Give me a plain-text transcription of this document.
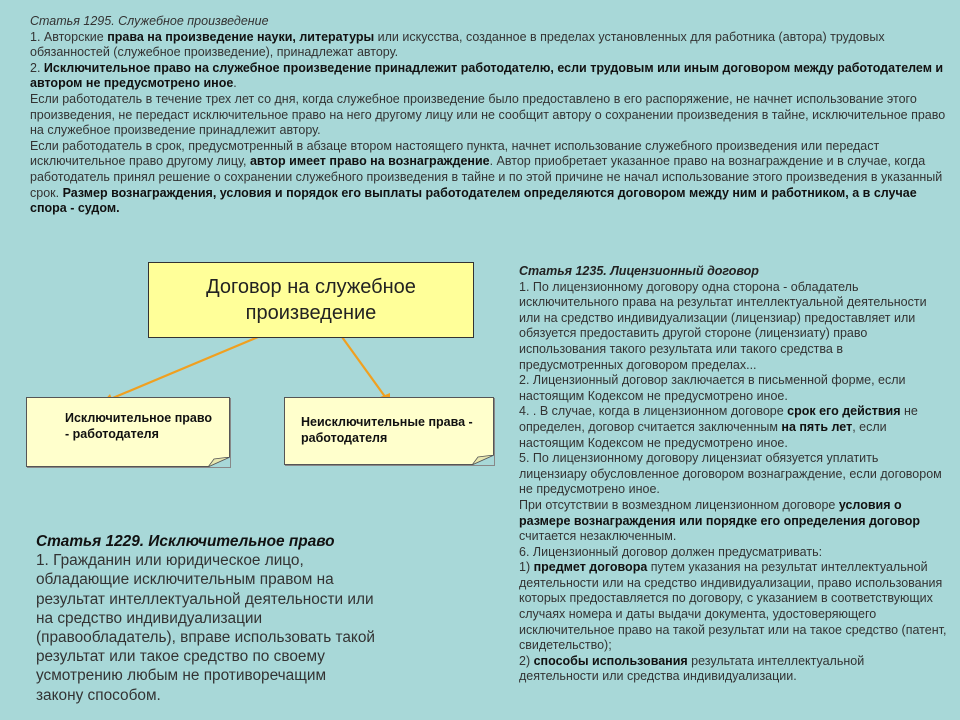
Статья 1295. Служебное произведение

1. Авторские права на произведение науки, литературы или искусства, созданное в пределах установленных для работника (автора) трудовых обязанностей (служебное произведение), принадлежат автору.

2. Исключительное право на служебное произведение принадлежит работодателю, если трудовым или иным договором между работодателем и автором не предусмотрено иное.

Если работодатель в течение трех лет со дня, когда служебное произведение было предоставлено в его распоряжение, не начнет использование этого произведения, не передаст исключительное право на него другому лицу или не сообщит автору о сохранении произведения в тайне, исключительное право на служебное произведение принадлежит автору.

Если работодатель в срок, предусмотренный в абзаце втором настоящего пункта, начнет использование служебного произведения или передаст исключительное право другому лицу, автор имеет право на вознаграждение. Автор приобретает указанное право на вознаграждение и в случае, когда работодатель принял решение о сохранении служебного произведения в тайне и по этой причине не начал использование этого произведения в указанный срок. Размер вознаграждения, условия и порядок его выплаты работодателем определяются договором между ним и работником, а в случае спора - судом.

Договор на служебное произведение
Исключительное право - работодателя
Неисключительные права - работодателя

Статья 1235. Лицензионный договор

1. По лицензионному договору одна сторона - обладатель исключительного права на результат интеллектуальной деятельности или на средство индивидуализации (лицензиар) предоставляет или обязуется предоставить другой стороне (лицензиату) право использования такого результата или такого средства в предусмотренных договором пределах...

2. Лицензионный договор заключается в письменной форме, если настоящим Кодексом не предусмотрено иное.

4. . В случае, когда в лицензионном договоре срок его действия не определен, договор считается заключенным на пять лет, если настоящим Кодексом не предусмотрено иное.

5. По лицензионному договору лицензиат обязуется уплатить лицензиару обусловленное договором вознаграждение, если договором не предусмотрено иное.

При отсутствии в возмездном лицензионном договоре условия о размере вознаграждения или порядке его определения договор считается незаключенным.

6. Лицензионный договор должен предусматривать:

1) предмет договора путем указания на результат интеллектуальной деятельности или на средство индивидуализации, право использования которых предоставляется по договору, с указанием в соответствующих случаях номера и даты выдачи документа, удостоверяющего исключительное право на такой результат или на такое средство (патент, свидетельство);

2) способы использования результата интеллектуальной деятельности или средства индивидуализации.

Статья 1229. Исключительное право

1. Гражданин или юридическое лицо, обладающие исключительным правом на результат интеллектуальной деятельности или на средство индивидуализации (правообладатель), вправе использовать такой результат или такое средство по своему усмотрению любым не противоречащим закону способом.
